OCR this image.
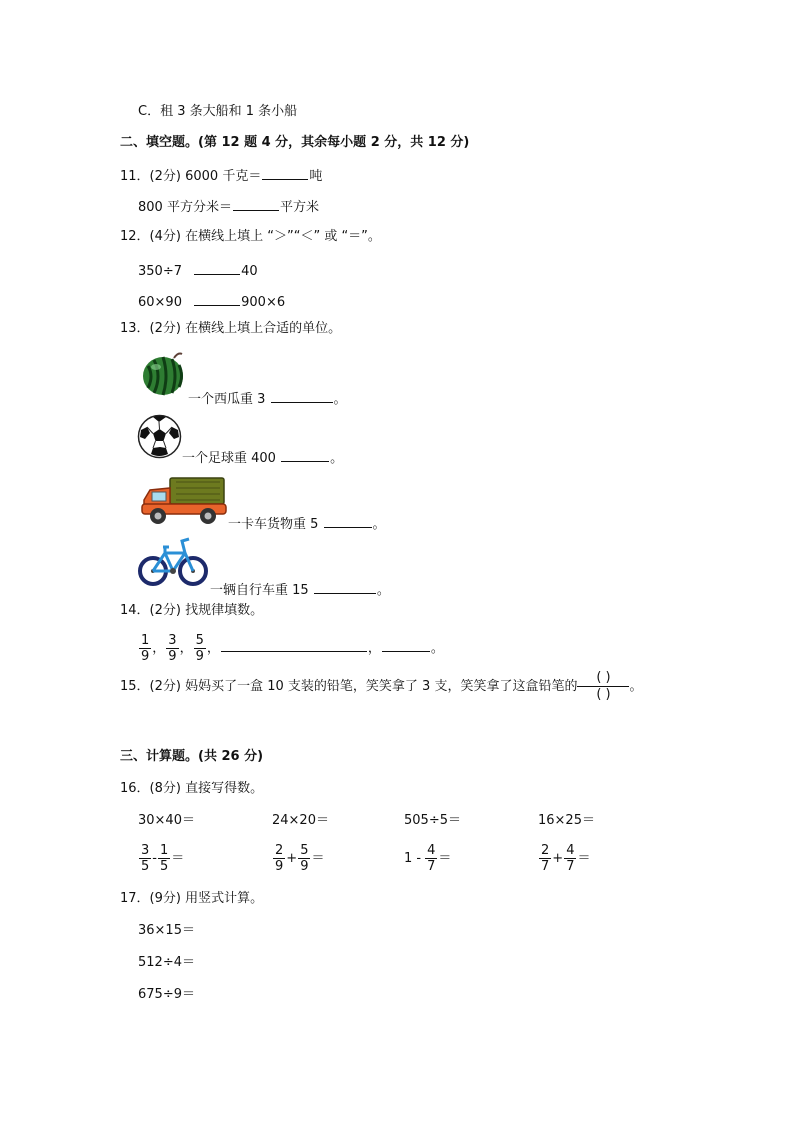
C．租 3 条大船和 1 条小船
二、填空题。(第 12 题 4 分，其余每小题 2 分，共 12 分)
11．(2分) 6000 千克＝	吨
800 平方分米＝	平方米
12．(4分) 在横线上填上 “＞”“＜” 或 “＝”。
350÷7	40
60×90	900×6
13．(2分) 在横线上填上合适的单位。
一个西瓜重 3	。
一个足球重 400	。
一卡车货物重 5	。
一辆自行车重 15	。
14．(2分) 找规律填数。
$\frac{1}{9}$ ， $\frac{3}{9}$ ， $\frac{5}{9}$ ，	，	。
15．(2分) 妈妈买了一盒 10 支装的铅笔，笑笑拿了 3 支，笑笑拿了这盒铅笔的 $\frac{( )}{( )}$ 。
三、计算题。(共 26 分)
16．(8分) 直接写得数。
30×40＝	24×20＝	505÷5＝	16×25＝
$\frac{3}{5} - \frac{1}{5}$ ＝	$\frac{2}{9} + \frac{5}{9}$ ＝	$1 - \frac{4}{7}$ ＝	$\frac{2}{7} + \frac{4}{7}$ ＝
17．(9分) 用竖式计算。
36×15＝
512÷4＝
675÷9＝
